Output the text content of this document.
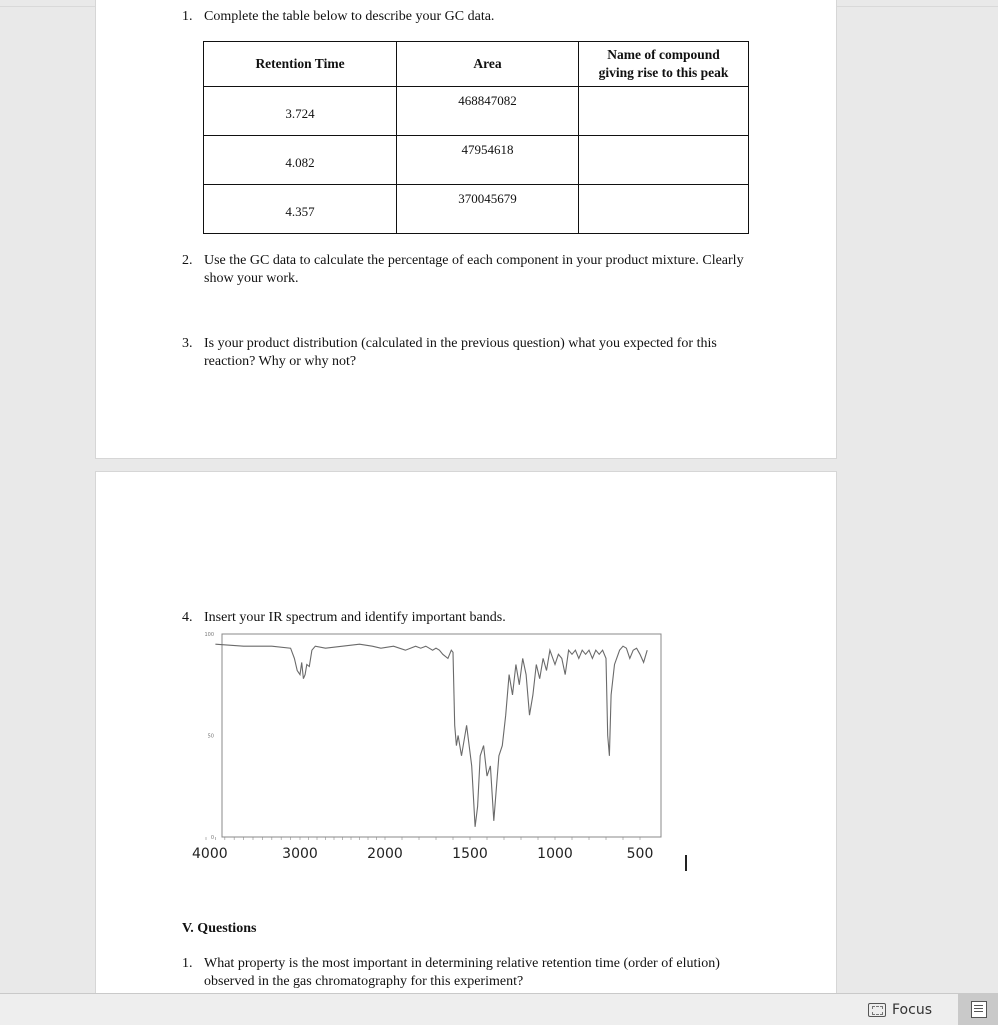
1. Complete the table below to describe your GC data.
Retention Time	Area	Name of compound
giving rise to this peak
3.724	468847082	
4.082	47954618	
4.357	370045679	
2. Use the GC data to calculate the percentage of each component in your product mixture. Clearly show your work.
3. Is your product distribution (calculated in the previous question) what you expected for this reaction? Why or why not?
4. Insert your IR spectrum and identify important bands.
4000	3000	2000	1500	1000	500
100
50
0
V. Questions
1. What property is the most important in determining relative retention time (order of elution) observed in the gas chromatography for this experiment?
Focus
